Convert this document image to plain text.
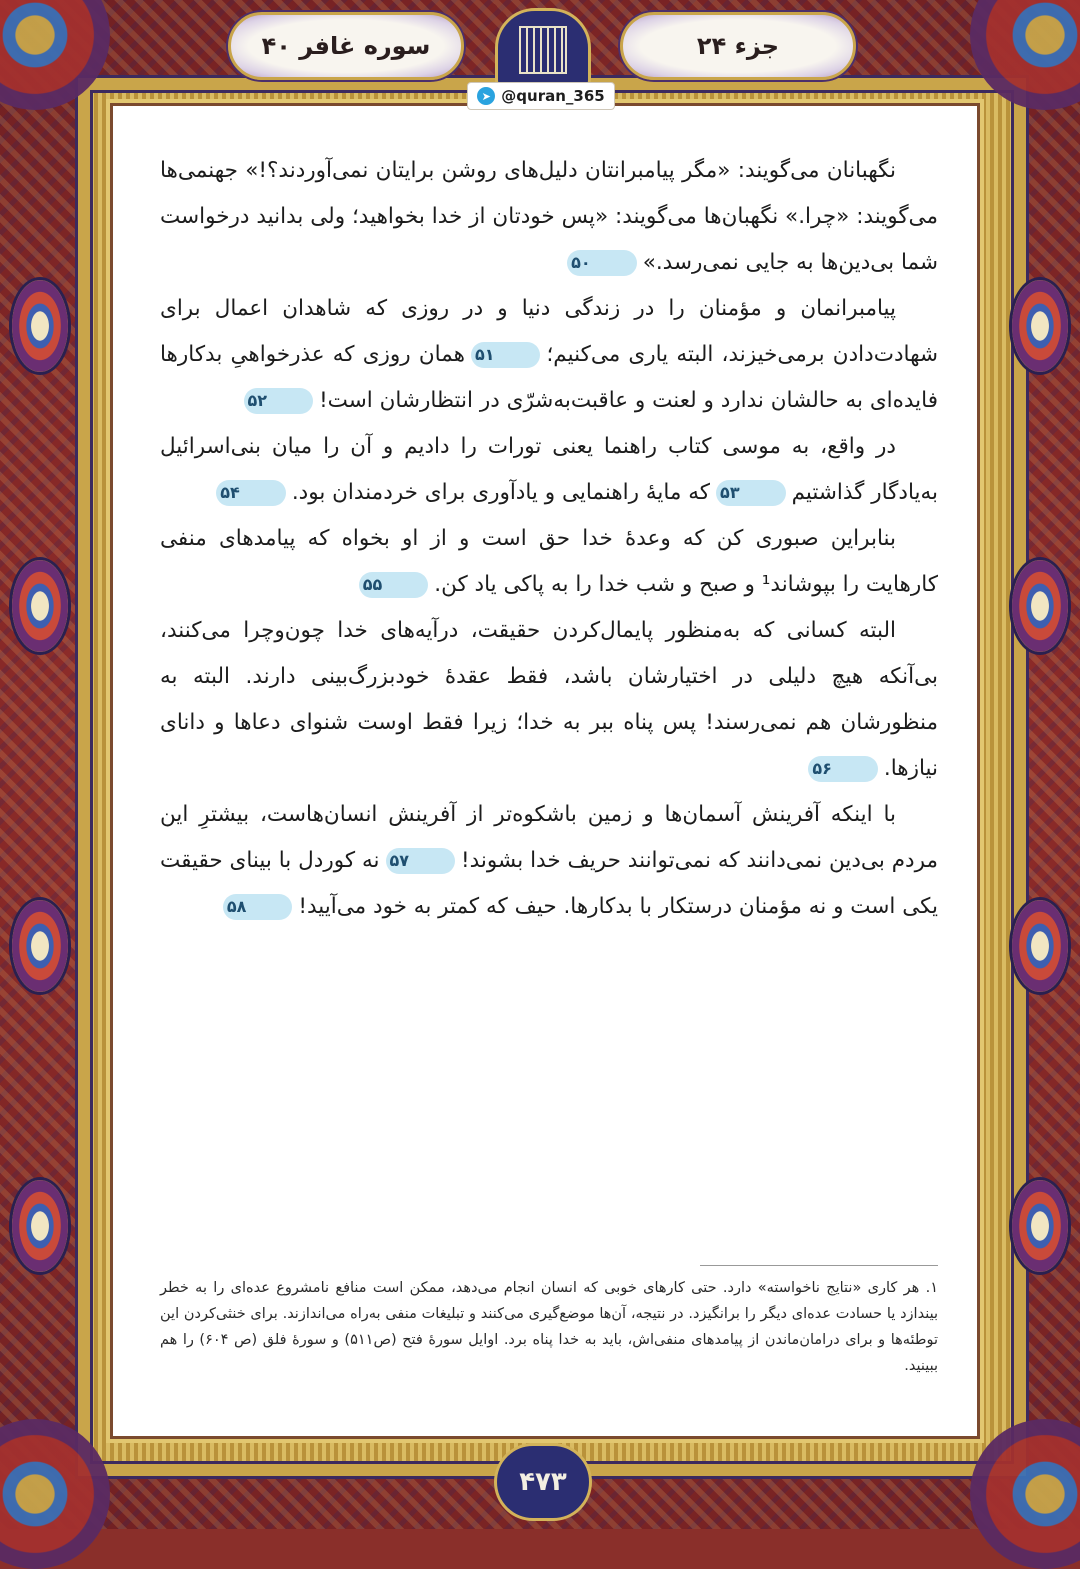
جزء ۲۴
سوره غافر ۴۰
➤ @quran_365

نگهبانان می‌گویند: «مگر پیامبرانتان دلیل‌های روشن برایتان نمی‌آوردند؟!» جهنمی‌ها می‌گویند: «چرا.» نگهبان‌ها می‌گویند: «پس خودتان از خدا بخواهید؛ ولی بدانید درخواست شما بی‌دین‌ها به جایی نمی‌رسد.»۵۰

پیامبرانمان و مؤمنان را در زندگی دنیا و در روزی که شاهدان اعمال برای شهادت‌دادن برمی‌خیزند، البته یاری می‌کنیم؛۵۱همان روزی که عذرخواهیِ بدکارها فایده‌ای به حالشان ندارد و لعنت و عاقبت‌به‌شرّی در انتظارشان است!۵۲

در واقع، به موسی کتاب راهنما یعنی تورات را دادیم و آن را میان بنی‌اسرائیل به‌یادگار گذاشتیم۵۳که مایهٔ راهنمایی و یادآوری برای خردمندان بود.۵۴

بنابراین صبوری کن که وعدهٔ خدا حق است و از او بخواه که پیامدهای منفی کارهایت را بپوشاند¹ و صبح و شب خدا را به پاکی یاد کن.۵۵

البته کسانی که به‌منظور پایمال‌کردن حقیقت، درآیه‌های خدا چون‌وچرا می‌کنند، بی‌آنکه هیچ دلیلی در اختیارشان باشد، فقط عقدهٔ خودبزرگ‌بینی دارند. البته به منظورشان هم نمی‌رسند! پس پناه ببر به خدا؛ زیرا فقط اوست شنوای دعاها و دانای نیازها.۵۶

با اینکه آفرینش آسمان‌ها و زمین باشکوه‌تر از آفرینش انسان‌هاست، بیشترِ این مردم بی‌دین نمی‌دانند که نمی‌توانند حریف خدا بشوند!۵۷نه کوردل با بینای حقیقت یکی است و نه مؤمنان درستکار با بدکارها. حیف که کمتر به خود می‌آیید!۵۸

۱. هر کاری «نتایج ناخواسته» دارد. حتی کارهای خوبی که انسان انجام می‌دهد، ممکن است منافع نامشروع عده‌ای را به خطر بیندازد یا حسادت عده‌ای دیگر را برانگیزد. در نتیجه، آن‌ها موضع‌گیری می‌کنند و تبلیغات منفی به‌راه می‌اندازند. برای خنثی‌کردن این توطئه‌ها و برای درامان‌ماندن از پیامدهای منفی‌اش، باید به خدا پناه برد. اوایل سورهٔ فتح (ص۵۱۱) و سورهٔ فلق (ص ۶۰۴) را هم ببینید.
۴۷۳
